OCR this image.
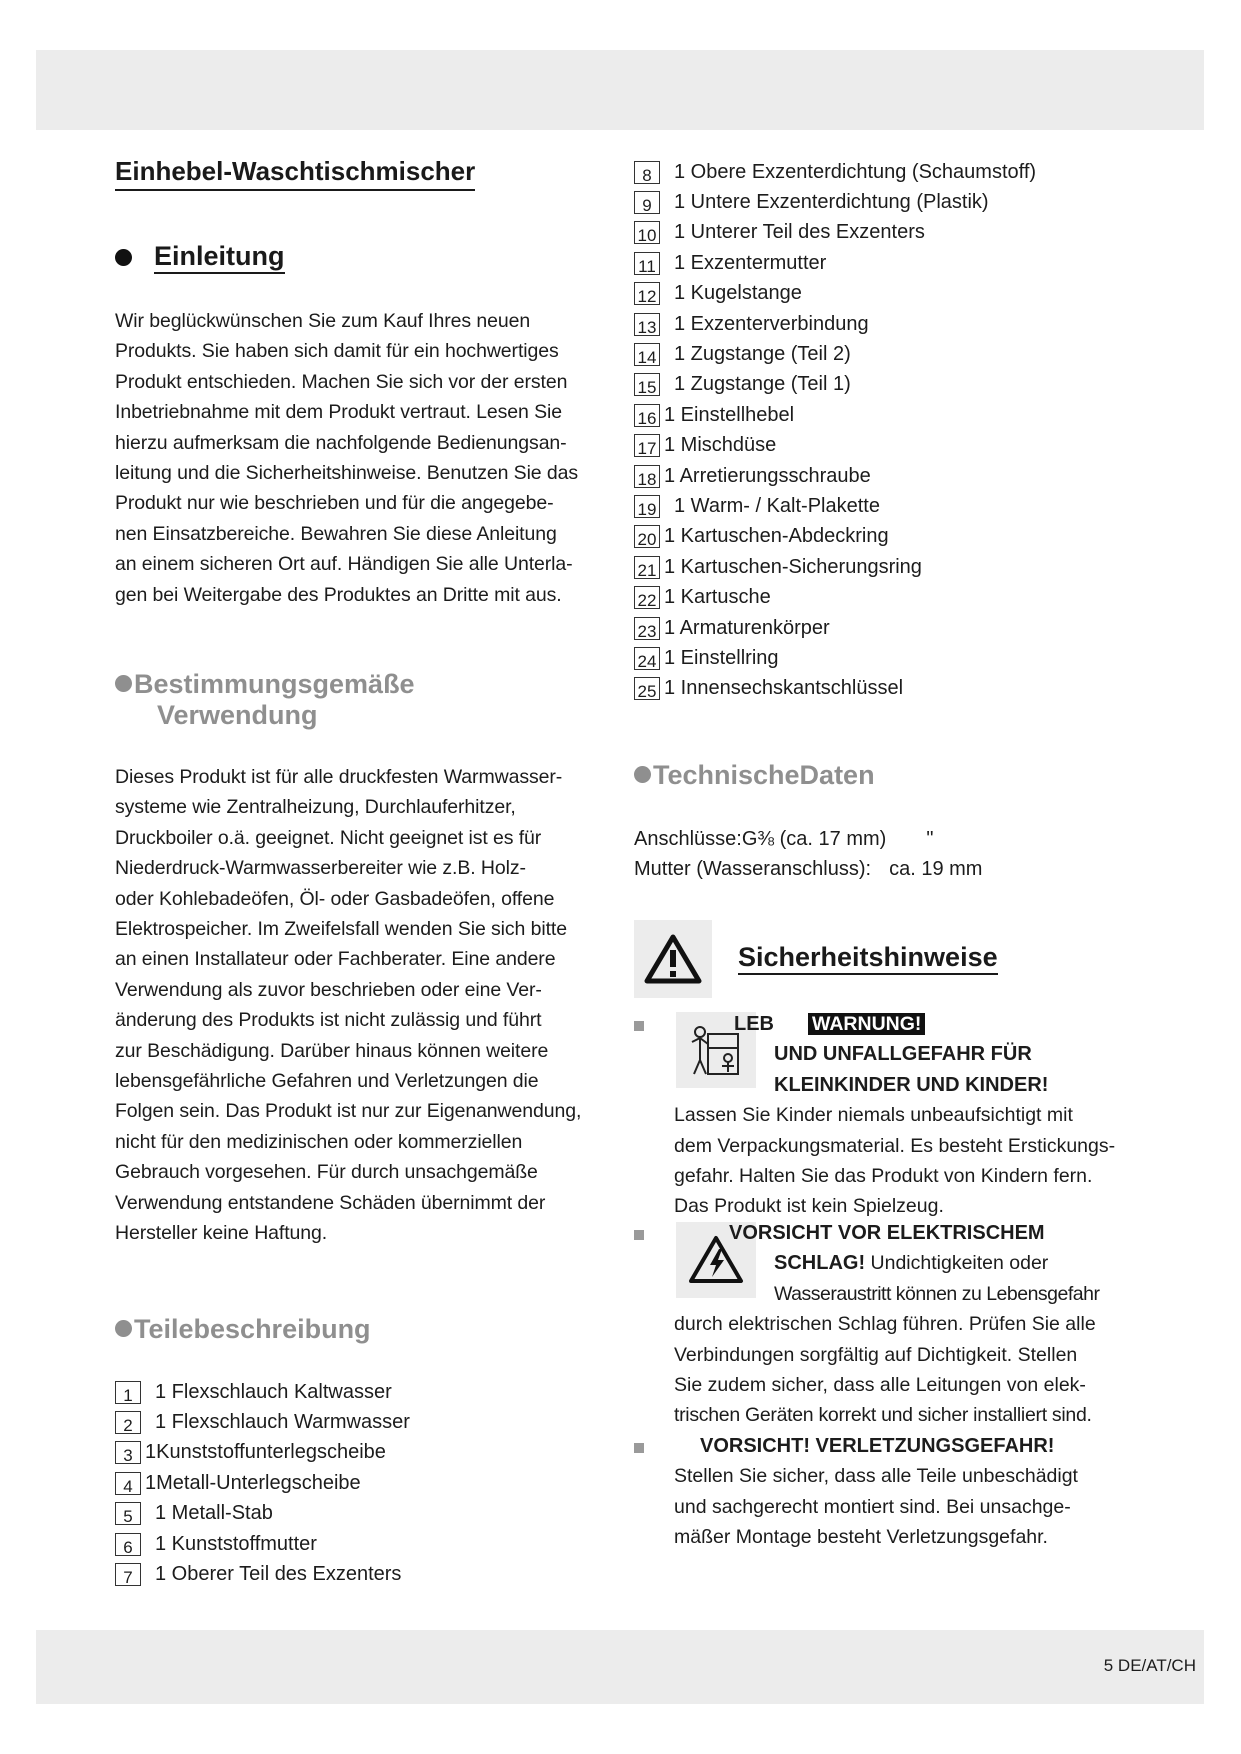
5 DE/AT/CH
Einhebel-Waschtischmischer
Einleitung
Wir beglückwünschen Sie zum Kauf Ihres neuen
Produkts. Sie haben sich damit für ein hochwertiges
Produkt entschieden. Machen Sie sich vor der ersten
Inbetriebnahme mit dem Produkt vertraut. Lesen Sie
hierzu aufmerksam die nachfolgende Bedienungsan-
leitung und die Sicherheitshinweise. Benutzen Sie das
Produkt nur wie beschrieben und für die angegebe-
nen Einsatzbereiche. Bewahren Sie diese Anleitung
an einem sicheren Ort auf. Händigen Sie alle Unterla-
gen bei Weitergabe des Produktes an Dritte mit aus.
Bestimmungsgemäße
Verwendung
Dieses Produkt ist für alle druckfesten Warmwasser-
systeme wie Zentralheizung, Durchlauferhitzer,
Druckboiler o.ä. geeignet. Nicht geeignet ist es für
Niederdruck-Warmwasserbereiter wie z.B. Holz-
oder Kohlebadeöfen, Öl- oder Gasbadeöfen, offene
Elektrospeicher. Im Zweifelsfall wenden Sie sich bitte
an einen Installateur oder Fachberater. Eine andere
Verwendung als zuvor beschrieben oder eine Ver-
änderung des Produkts ist nicht zulässig und führt
zur Beschädigung. Darüber hinaus können weitere
lebensgefährliche Gefahren und Verletzungen die
Folgen sein. Das Produkt ist nur zur Eigenanwendung,
nicht für den medizinischen oder kommerziellen
Gebrauch vorgesehen. Für durch unsachgemäße
Verwendung entstandene Schäden übernimmt der
Hersteller keine Haftung.
Teilebeschreibung
1	1 Flexschlauch Kaltwasser
2	1 Flexschlauch Warmwasser
3 1Kunststoffunterlegscheibe
4 1Metall-Unterlegscheibe
5	1 Metall-Stab
6	1 Kunststoffmutter
7	1 Oberer Teil des Exzenters
8	1 Obere Exzenterdichtung (Schaumstoff)
9	1 Untere Exzenterdichtung (Plastik)
10 1 Unterer Teil des Exzenters
11 1 Exzentermutter
12 1 Kugelstange
13 1 Exzenterverbindung
14 1 Zugstange (Teil 2)
15 1 Zugstange (Teil 1)
16 1 Einstellhebel
17 1 Mischdüse
18 1 Arretierungsschraube
19 1 Warm- / Kalt-Plakette
20 1 Kartuschen-Abdeckring
21 1 Kartuschen-Sicherungsring
22 1 Kartusche
23 1 Armaturenkörper
24 1 Einstellring
25 1 Innensechskantschlüssel
TechnischeDaten
Anschlüsse:G⅜ (ca. 17 mm) "
Mutter (Wasseranschluss): ca. 19 mm
Sicherheitshinweise
LEB WARNUNG!
UND UNFALLGEFAHR FÜR
KLEINKINDER UND KINDER!
Lassen Sie Kinder niemals unbeaufsichtigt mit
dem Verpackungsmaterial. Es besteht Erstickungs-
gefahr. Halten Sie das Produkt von Kindern fern.
Das Produkt ist kein Spielzeug.
VORSICHT VOR ELEKTRISCHEM
SCHLAG! Undichtigkeiten oder
Wasseraustritt können zu Lebensgefahr
durch elektrischen Schlag führen. Prüfen Sie alle
Verbindungen sorgfältig auf Dichtigkeit. Stellen
Sie zudem sicher, dass alle Leitungen von elek-
trischen Geräten korrekt und sicher installiert sind.
VORSICHT! VERLETZUNGSGEFAHR!
Stellen Sie sicher, dass alle Teile unbeschädigt
und sachgerecht montiert sind. Bei unsachge-
mäßer Montage besteht Verletzungsgefahr.
